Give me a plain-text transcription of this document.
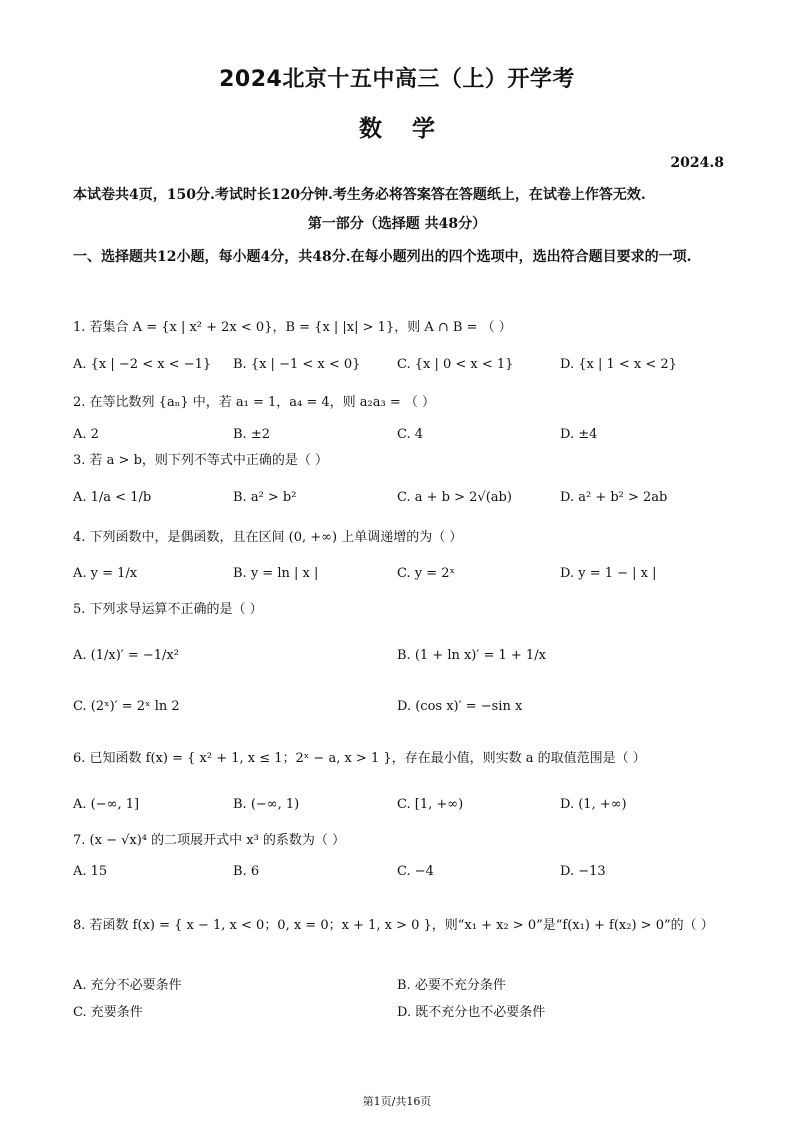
2024北京十五中高三（上）开学考
数学
2024.8
本试卷共4页，150分.考试时长120分钟.考生务必将答案答在答题纸上，在试卷上作答无效.
第一部分（选择题 共48分）
一、选择题共12小题，每小题4分，共48分.在每小题列出的四个选项中，选出符合题目要求的一项.
1. 若集合 A = {x | x² + 2x < 0}，B = {x | |x| > 1}，则 A ∩ B = （ ）
A. {x | −2 < x < −1} B. {x | −1 < x < 0}	C. {x | 0 < x < 1}	D. {x | 1 < x < 2}
2. 在等比数列 {aₙ} 中，若 a₁ = 1，a₄ = 4，则 a₂a₃ = （ ）
A. 2	B. ±2	C. 4	D. ±4
3. 若 a > b，则下列不等式中正确的是（ ）
A. 1/a < 1/b	B. a² > b²	C. a + b > 2√(ab)	D. a² + b² > 2ab
4. 下列函数中，是偶函数，且在区间 (0, +∞) 上单调递增的为（ ）
A. y = 1/x	B. y = ln | x |	C. y = 2ˣ	D. y = 1 − | x |
5. 下列求导运算不正确的是（ ）
A. (1/x)′ = −1/x²	B. (1 + ln x)′ = 1 + 1/x
C. (2ˣ)′ = 2ˣ ln 2	D. (cos x)′ = −sin x
6. 已知函数 f(x) = { x² + 1, x ≤ 1；2ˣ − a, x > 1 }，存在最小值，则实数 a 的取值范围是（ ）
A. (−∞, 1]	B. (−∞, 1)	C. [1, +∞)	D. (1, +∞)
7. (x − √x)⁴ 的二项展开式中 x³ 的系数为（ ）
A. 15	B. 6	C. −4	D. −13
8. 若函数 f(x) = { x − 1, x < 0；0, x = 0；x + 1, x > 0 }，则“x₁ + x₂ > 0”是“f(x₁) + f(x₂) > 0”的（ ）
A. 充分不必要条件	B. 必要不充分条件
C. 充要条件	D. 既不充分也不必要条件
第1页/共16页
